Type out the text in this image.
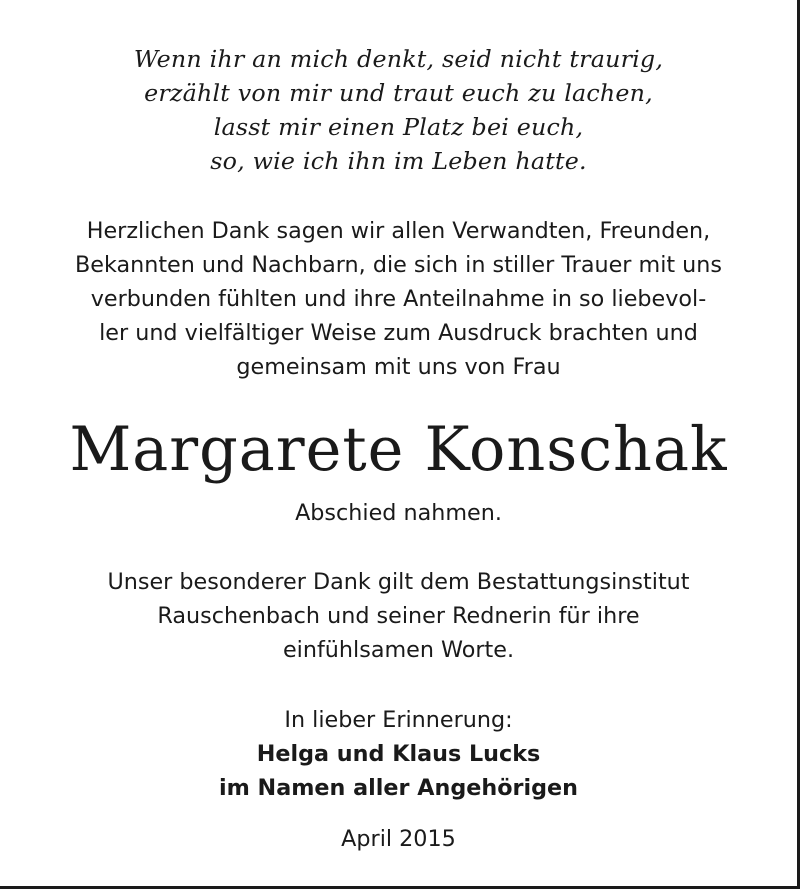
Wenn ihr an mich denkt, seid nicht traurig,
erzählt von mir und traut euch zu lachen,
lasst mir einen Platz bei euch,
so, wie ich ihn im Leben hatte.
Herzlichen Dank sagen wir allen Verwandten, Freunden,
Bekannten und Nachbarn, die sich in stiller Trauer mit uns
verbunden fühlten und ihre Anteilnahme in so liebevol-
ler und vielfältiger Weise zum Ausdruck brachten und
gemeinsam mit uns von Frau
Margarete Konschak
Abschied nahmen.
Unser besonderer Dank gilt dem Bestattungsinstitut
Rauschenbach und seiner Rednerin für ihre
einfühlsamen Worte.
In lieber Erinnerung:
Helga und Klaus Lucks
im Namen aller Angehörigen
April 2015
